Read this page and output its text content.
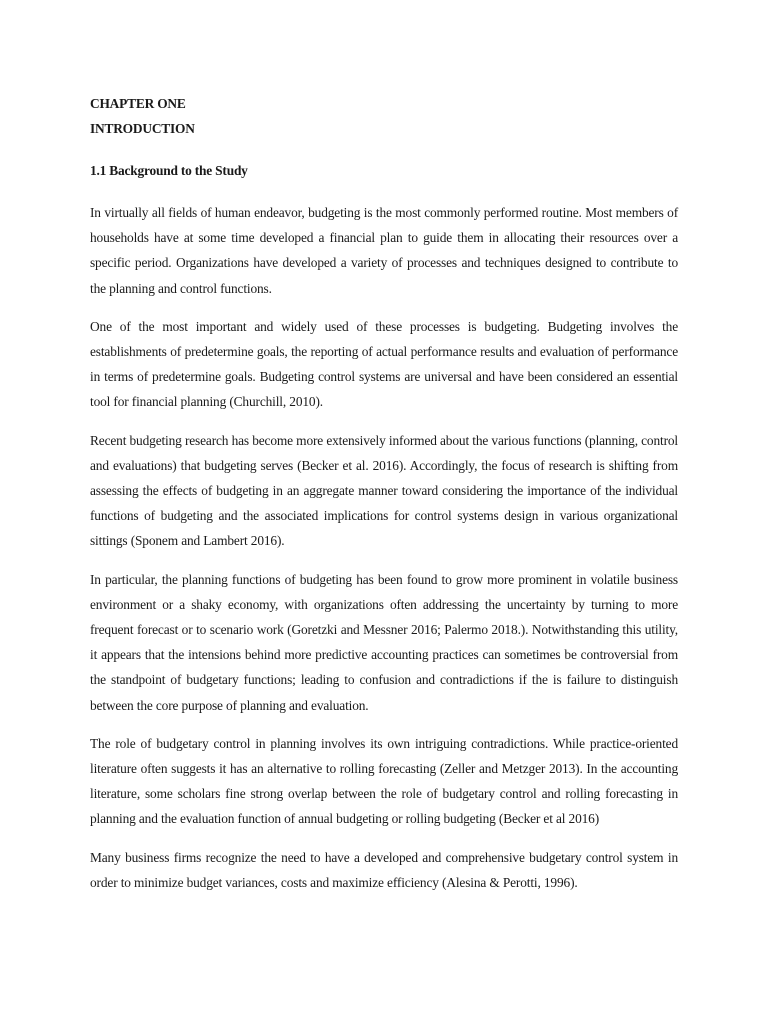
CHAPTER ONE
INTRODUCTION
1.1 Background to the Study

In virtually all fields of human endeavor, budgeting is the most commonly performed routine. Most members of households have at some time developed a financial plan to guide them in allocating their resources over a specific period. Organizations have developed a variety of processes and techniques designed to contribute to the planning and control functions.

One of the most important and widely used of these processes is budgeting. Budgeting involves the establishments of predetermine goals, the reporting of actual performance results and evaluation of performance in terms of predetermine goals. Budgeting control systems are universal and have been considered an essential tool for financial planning (Churchill, 2010).

Recent budgeting research has become more extensively informed about the various functions (planning, control and evaluations) that budgeting serves (Becker et al. 2016). Accordingly, the focus of research is shifting from assessing the effects of budgeting in an aggregate manner toward considering the importance of the individual functions of budgeting and the associated implications for control systems design in various organizational sittings (Sponem and Lambert 2016).

In particular, the planning functions of budgeting has been found to grow more prominent in volatile business environment or a shaky economy, with organizations often addressing the uncertainty by turning to more frequent forecast or to scenario work (Goretzki and Messner 2016; Palermo 2018.). Notwithstanding this utility, it appears that the intensions behind more predictive accounting practices can sometimes be controversial from the standpoint of budgetary functions; leading to confusion and contradictions if the is failure to distinguish between the core purpose of planning and evaluation.

The role of budgetary control in planning involves its own intriguing contradictions. While practice-oriented literature often suggests it has an alternative to rolling forecasting (Zeller and Metzger 2013). In the accounting literature, some scholars fine strong overlap between the role of budgetary control and rolling forecasting in planning and the evaluation function of annual budgeting or rolling budgeting (Becker et al 2016)

Many business firms recognize the need to have a developed and comprehensive budgetary control system in order to minimize budget variances, costs and maximize efficiency (Alesina & Perotti, 1996).
